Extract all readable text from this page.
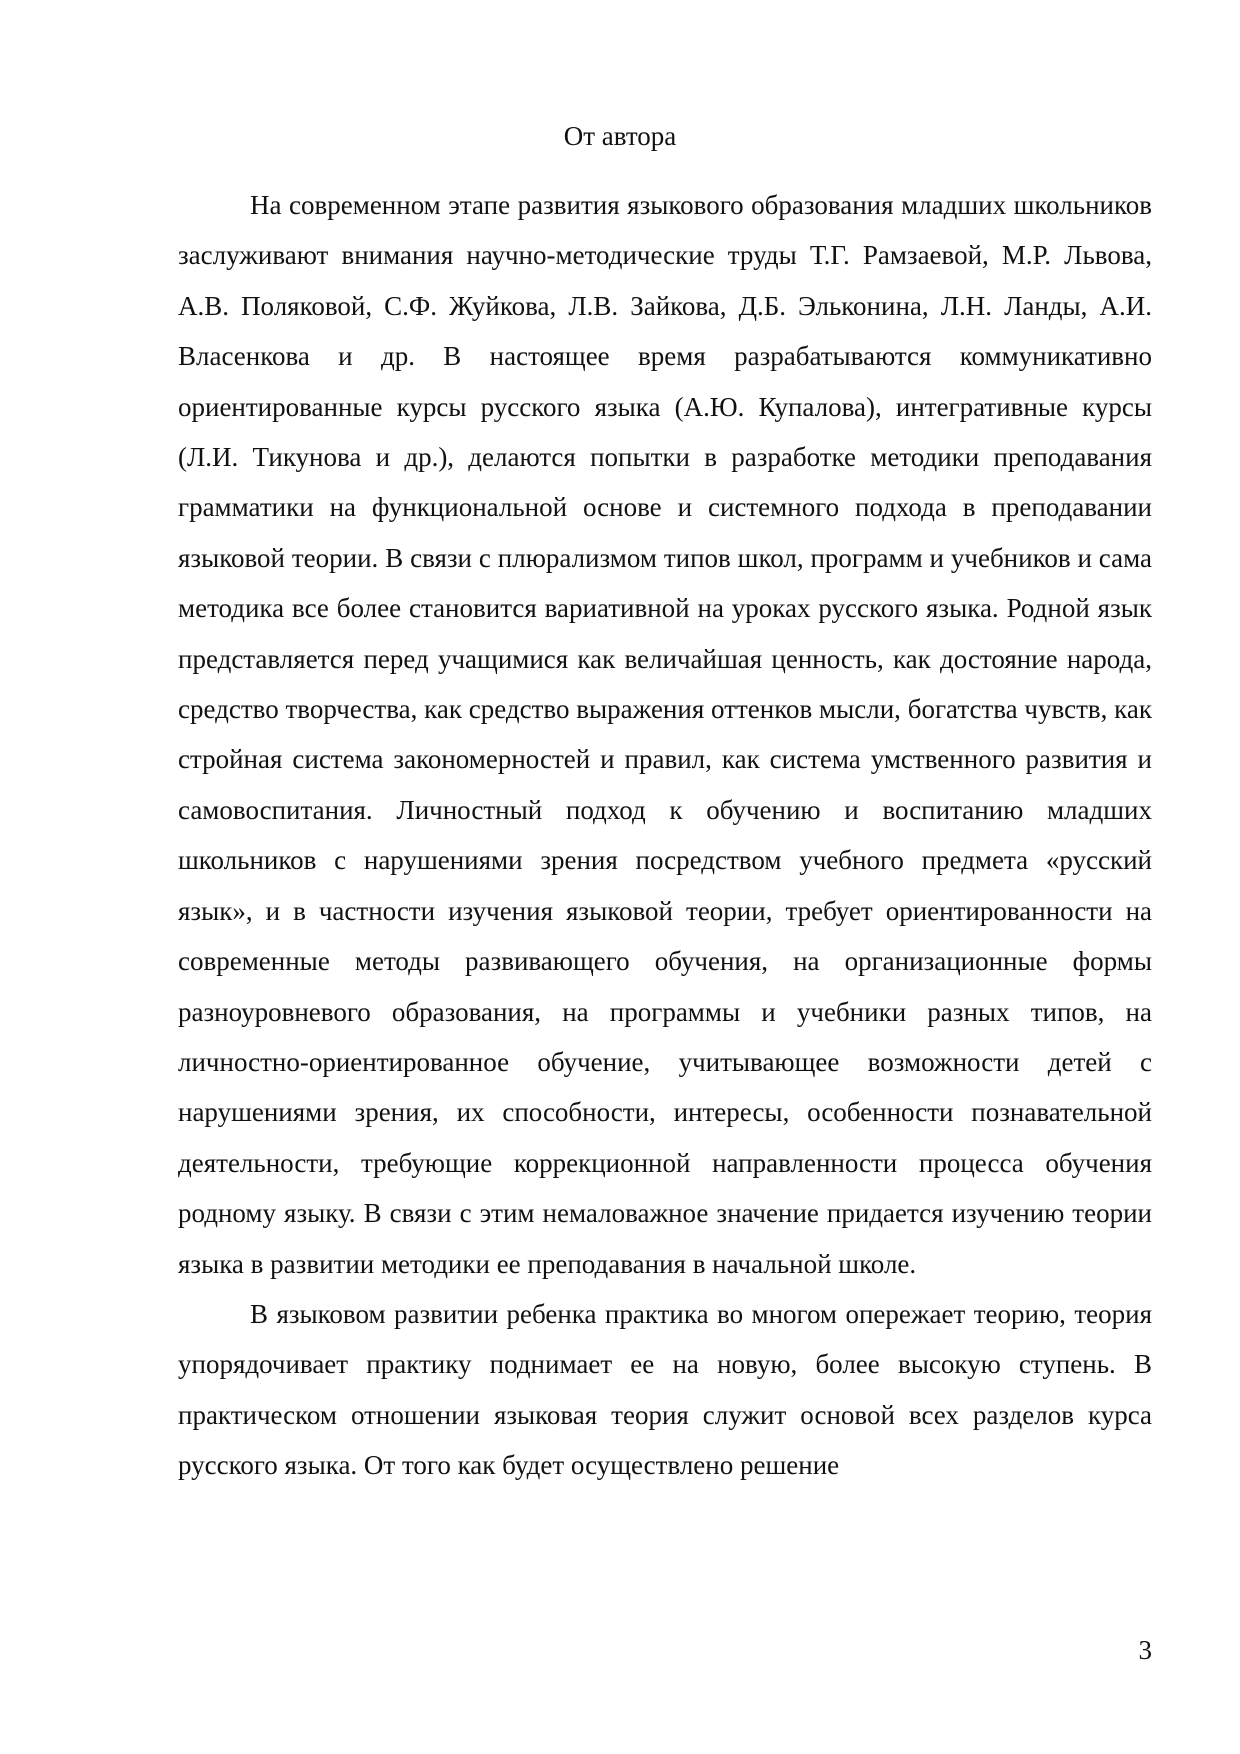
От автора

На современном этапе развития языкового образования младших школьников заслуживают внимания научно-методические труды Т.Г. Рамзаевой, М.Р. Львова, А.В. Поляковой, С.Ф. Жуйкова, Л.В. Зайкова, Д.Б. Эльконина, Л.Н. Ланды, А.И. Власенкова и др. В настоящее время разрабатываются коммуникативно ориентированные курсы русского языка (А.Ю. Купалова), интегративные курсы (Л.И. Тикунова и др.), делаются попытки в разработке методики преподавания грамматики на функциональной основе и системного подхода в преподавании языковой теории. В связи с плюрализмом типов школ, программ и учебников и сама методика все более становится вариативной на уроках русского языка. Родной язык представляется перед учащимися как величайшая ценность, как достояние народа, средство творчества, как средство выражения оттенков мысли, богатства чувств, как стройная система закономерностей и правил, как система умственного развития и самовоспитания. Личностный подход к обучению и воспитанию младших школьников с нарушениями зрения посредством учебного предмета «русский язык», и в частности изучения языковой теории, требует ориентированности на современные методы развивающего обучения, на организационные формы разноуровневого образования, на программы и учебники разных типов, на личностно-ориентированное обучение, учитывающее возможности детей с нарушениями зрения, их способности, интересы, особенности познавательной деятельности, требующие коррекционной направленности процесса обучения родному языку. В связи с этим немаловажное значение придается изучению теории языка в развитии методики ее преподавания в начальной школе.

В языковом развитии ребенка практика во многом опережает теорию, теория упорядочивает практику поднимает ее на новую, более высокую ступень. В практическом отношении языковая теория служит основой всех разделов курса русского языка. От того как будет осуществлено решение

3
